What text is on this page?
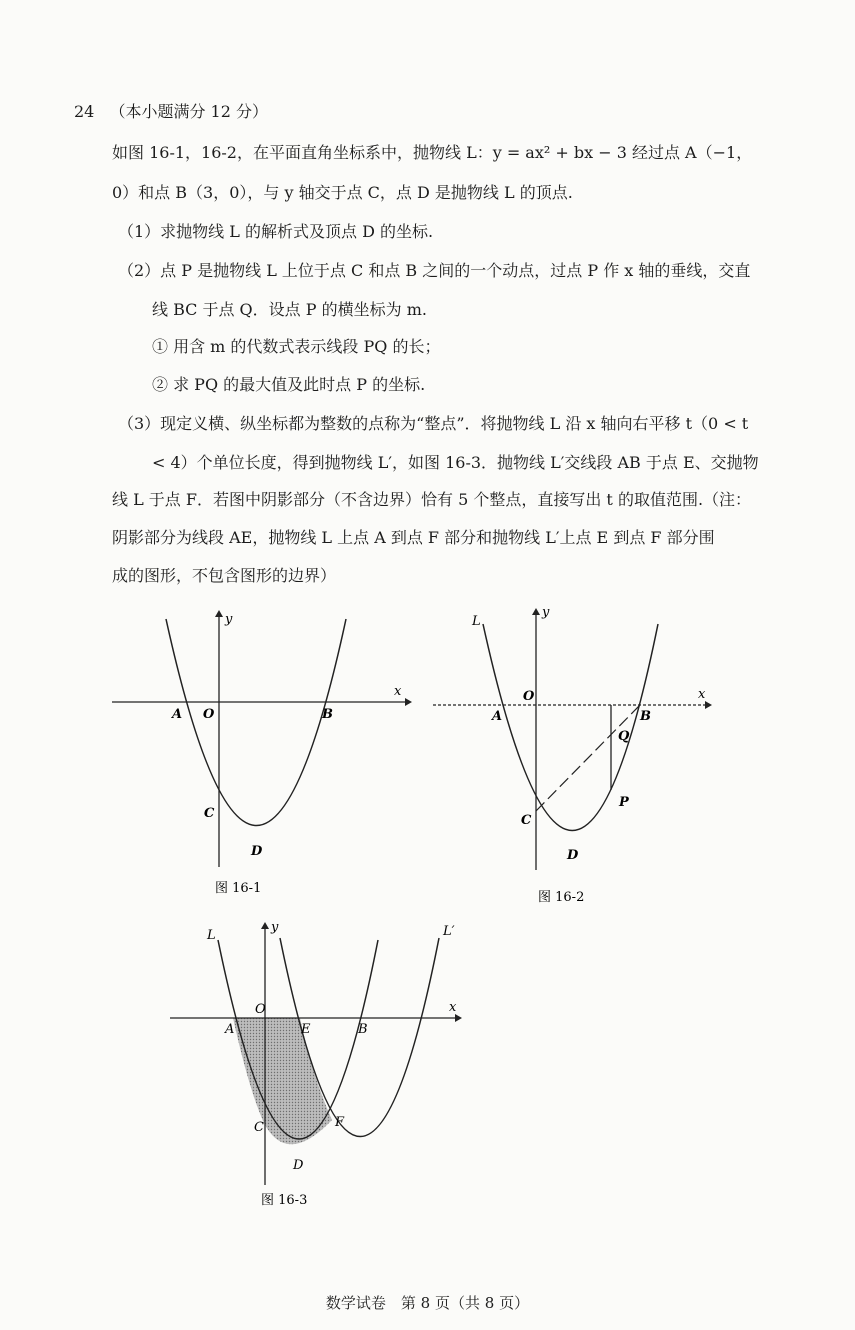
24 （本小题满分 12 分）
如图 16-1，16-2，在平面直角坐标系中，抛物线 L：y = ax² + bx − 3 经过点 A（−1，
0）和点 B（3，0），与 y 轴交于点 C，点 D 是抛物线 L 的顶点.
（1）求抛物线 L 的解析式及顶点 D 的坐标.
（2）点 P 是抛物线 L 上位于点 C 和点 B 之间的一个动点，过点 P 作 x 轴的垂线，交直
线 BC 于点 Q．设点 P 的横坐标为 m.
① 用含 m 的代数式表示线段 PQ 的长；
② 求 PQ 的最大值及此时点 P 的坐标.
（3）现定义横、纵坐标都为整数的点称为“整点”．将抛物线 L 沿 x 轴向右平移 t（0 < t
< 4）个单位长度，得到抛物线 L′，如图 16-3．抛物线 L′交线段 AB 于点 E、交抛物
线 L 于点 F．若图中阴影部分（不含边界）恰有 5 个整点，直接写出 t 的取值范围.（注：
阴影部分为线段 AE，抛物线 L 上点 A 到点 F 部分和抛物线 L′上点 E 到点 F 部分围
成的图形，不包含图形的边界）
y
x
O
A	B
C
D
图 16-1
L
y
x
O
A	B
Q
P
C
D
图 16-2
L	L′
y
x
O
A	E	B
C	F
D
图 16-3
数学试卷　第 8 页（共 8 页）
